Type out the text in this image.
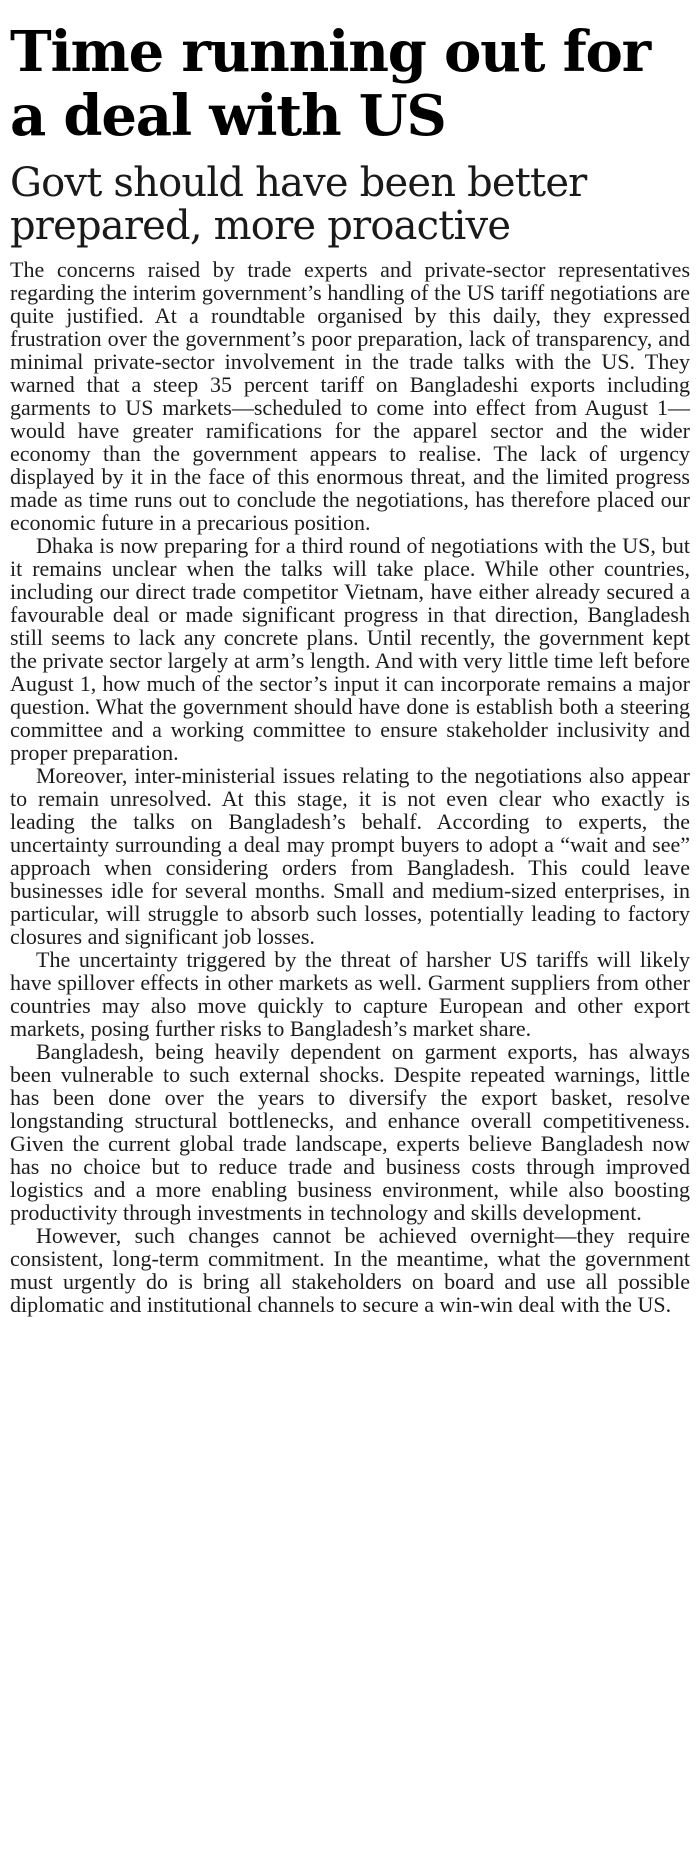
Time running out for a deal with US
Govt should have been better prepared, more proactive

The concerns raised by trade experts and private-sector representatives regarding the interim government’s handling of the US tariff negotiations are quite justified. At a roundtable organised by this daily, they expressed frustration over the government’s poor preparation, lack of transparency, and minimal private-sector involvement in the trade talks with the US. They warned that a steep 35 percent tariff on Bangladeshi exports including garments to US markets—scheduled to come into effect from August 1—would have greater ramifications for the apparel sector and the wider economy than the government appears to realise. The lack of urgency displayed by it in the face of this enormous threat, and the limited progress made as time runs out to conclude the negotiations, has therefore placed our economic future in a precarious position.

Dhaka is now preparing for a third round of negotiations with the US, but it remains unclear when the talks will take place. While other countries, including our direct trade competitor Vietnam, have either already secured a favourable deal or made significant progress in that direction, Bangladesh still seems to lack any concrete plans. Until recently, the government kept the private sector largely at arm’s length. And with very little time left before August 1, how much of the sector’s input it can incorporate remains a major question. What the government should have done is establish both a steering committee and a working committee to ensure stakeholder inclusivity and proper preparation.

Moreover, inter-ministerial issues relating to the negotiations also appear to remain unresolved. At this stage, it is not even clear who exactly is leading the talks on Bangladesh’s behalf. According to experts, the uncertainty surrounding a deal may prompt buyers to adopt a “wait and see” approach when considering orders from Bangladesh. This could leave businesses idle for several months. Small and medium-sized enterprises, in particular, will struggle to absorb such losses, potentially leading to factory closures and significant job losses.

The uncertainty triggered by the threat of harsher US tariffs will likely have spillover effects in other markets as well. Garment suppliers from other countries may also move quickly to capture European and other export markets, posing further risks to Bangladesh’s market share.

Bangladesh, being heavily dependent on garment exports, has always been vulnerable to such external shocks. Despite repeated warnings, little has been done over the years to diversify the export basket, resolve longstanding structural bottlenecks, and enhance overall competitiveness. Given the current global trade landscape, experts believe Bangladesh now has no choice but to reduce trade and business costs through improved logistics and a more enabling business environment, while also boosting productivity through investments in technology and skills development.

However, such changes cannot be achieved overnight—they require consistent, long-term commitment. In the meantime, what the government must urgently do is bring all stakeholders on board and use all possible diplomatic and institutional channels to secure a win-win deal with the US.
